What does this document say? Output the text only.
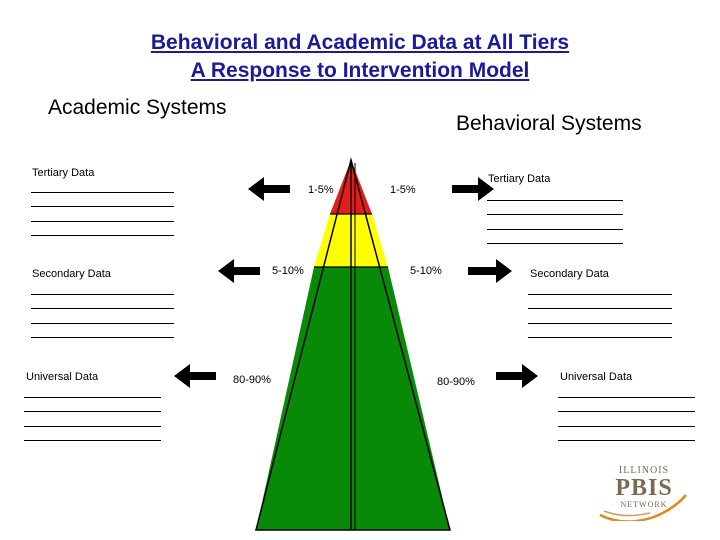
Behavioral and Academic Data at All Tiers
A Response to Intervention Model
Academic Systems
Behavioral Systems
1-5%	1-5%
5-10%	5-10%
80-90%	80-90%
Tertiary Data
Secondary Data
Universal Data
Tertiary Data
Secondary Data
Universal Data
ILLINOIS
PBIS
NETWORK
